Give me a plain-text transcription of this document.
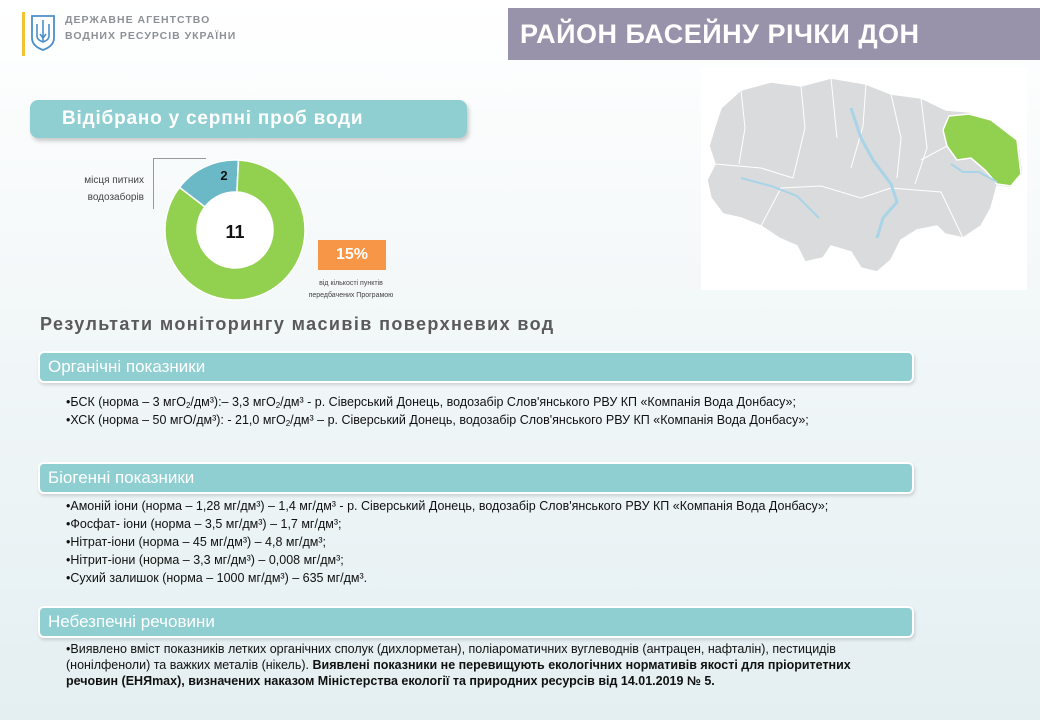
ДЕРЖАВНЕ АГЕНТСТВО
ВОДНИХ РЕСУРСІВ УКРАЇНИ	РАЙОН БАСЕЙНУ РІЧКИ ДОН
Відібрано у серпні проб води
11
2
місця питних
водозаборів
15%
від кількості пунктів
передбачених Програмою
Результати моніторингу масивів поверхневих вод
Органічні показники
•БСК (норма – 3 мгО$_2$/дм³):– 3,3 мгО$_2$/дм³ - р. Сіверський Донець, водозабір Слов'янського РВУ КП «Компанія Вода Донбасу»;
•ХСК (норма – 50 мгО/дм³): - 21,0 мгО$_2$/дм³ – р. Сіверський Донець, водозабір Слов'янського РВУ КП «Компанія Вода Донбасу»;
Біогенні показники
•Амоній іони (норма – 1,28 мг/дм³) – 1,4 мг/дм³ - р. Сіверський Донець, водозабір Слов'янського РВУ КП «Компанія Вода Донбасу»;
•Фосфат- іони (норма – 3,5 мг/дм³) – 1,7 мг/дм³;
•Нітрат-іони (норма – 45 мг/дм³) – 4,8 мг/дм³;
•Нітрит-іони (норма – 3,3 мг/дм³) – 0,008 мг/дм³;
•Сухий залишок (норма – 1000 мг/дм³) – 635 мг/дм³.
Небезпечні речовини
•Виявлено вміст показників летких органічних сполук (дихлорметан), поліароматичних вуглеводнів (антрацен, нафталін), пестицидів (нонілфеноли) та важких металів (нікель). Виявлені показники не перевищують екологічних нормативів якості для пріоритетних речовин (ЕНЯmax), визначених наказом Міністерства екології та природних ресурсів від 14.01.2019 № 5.
